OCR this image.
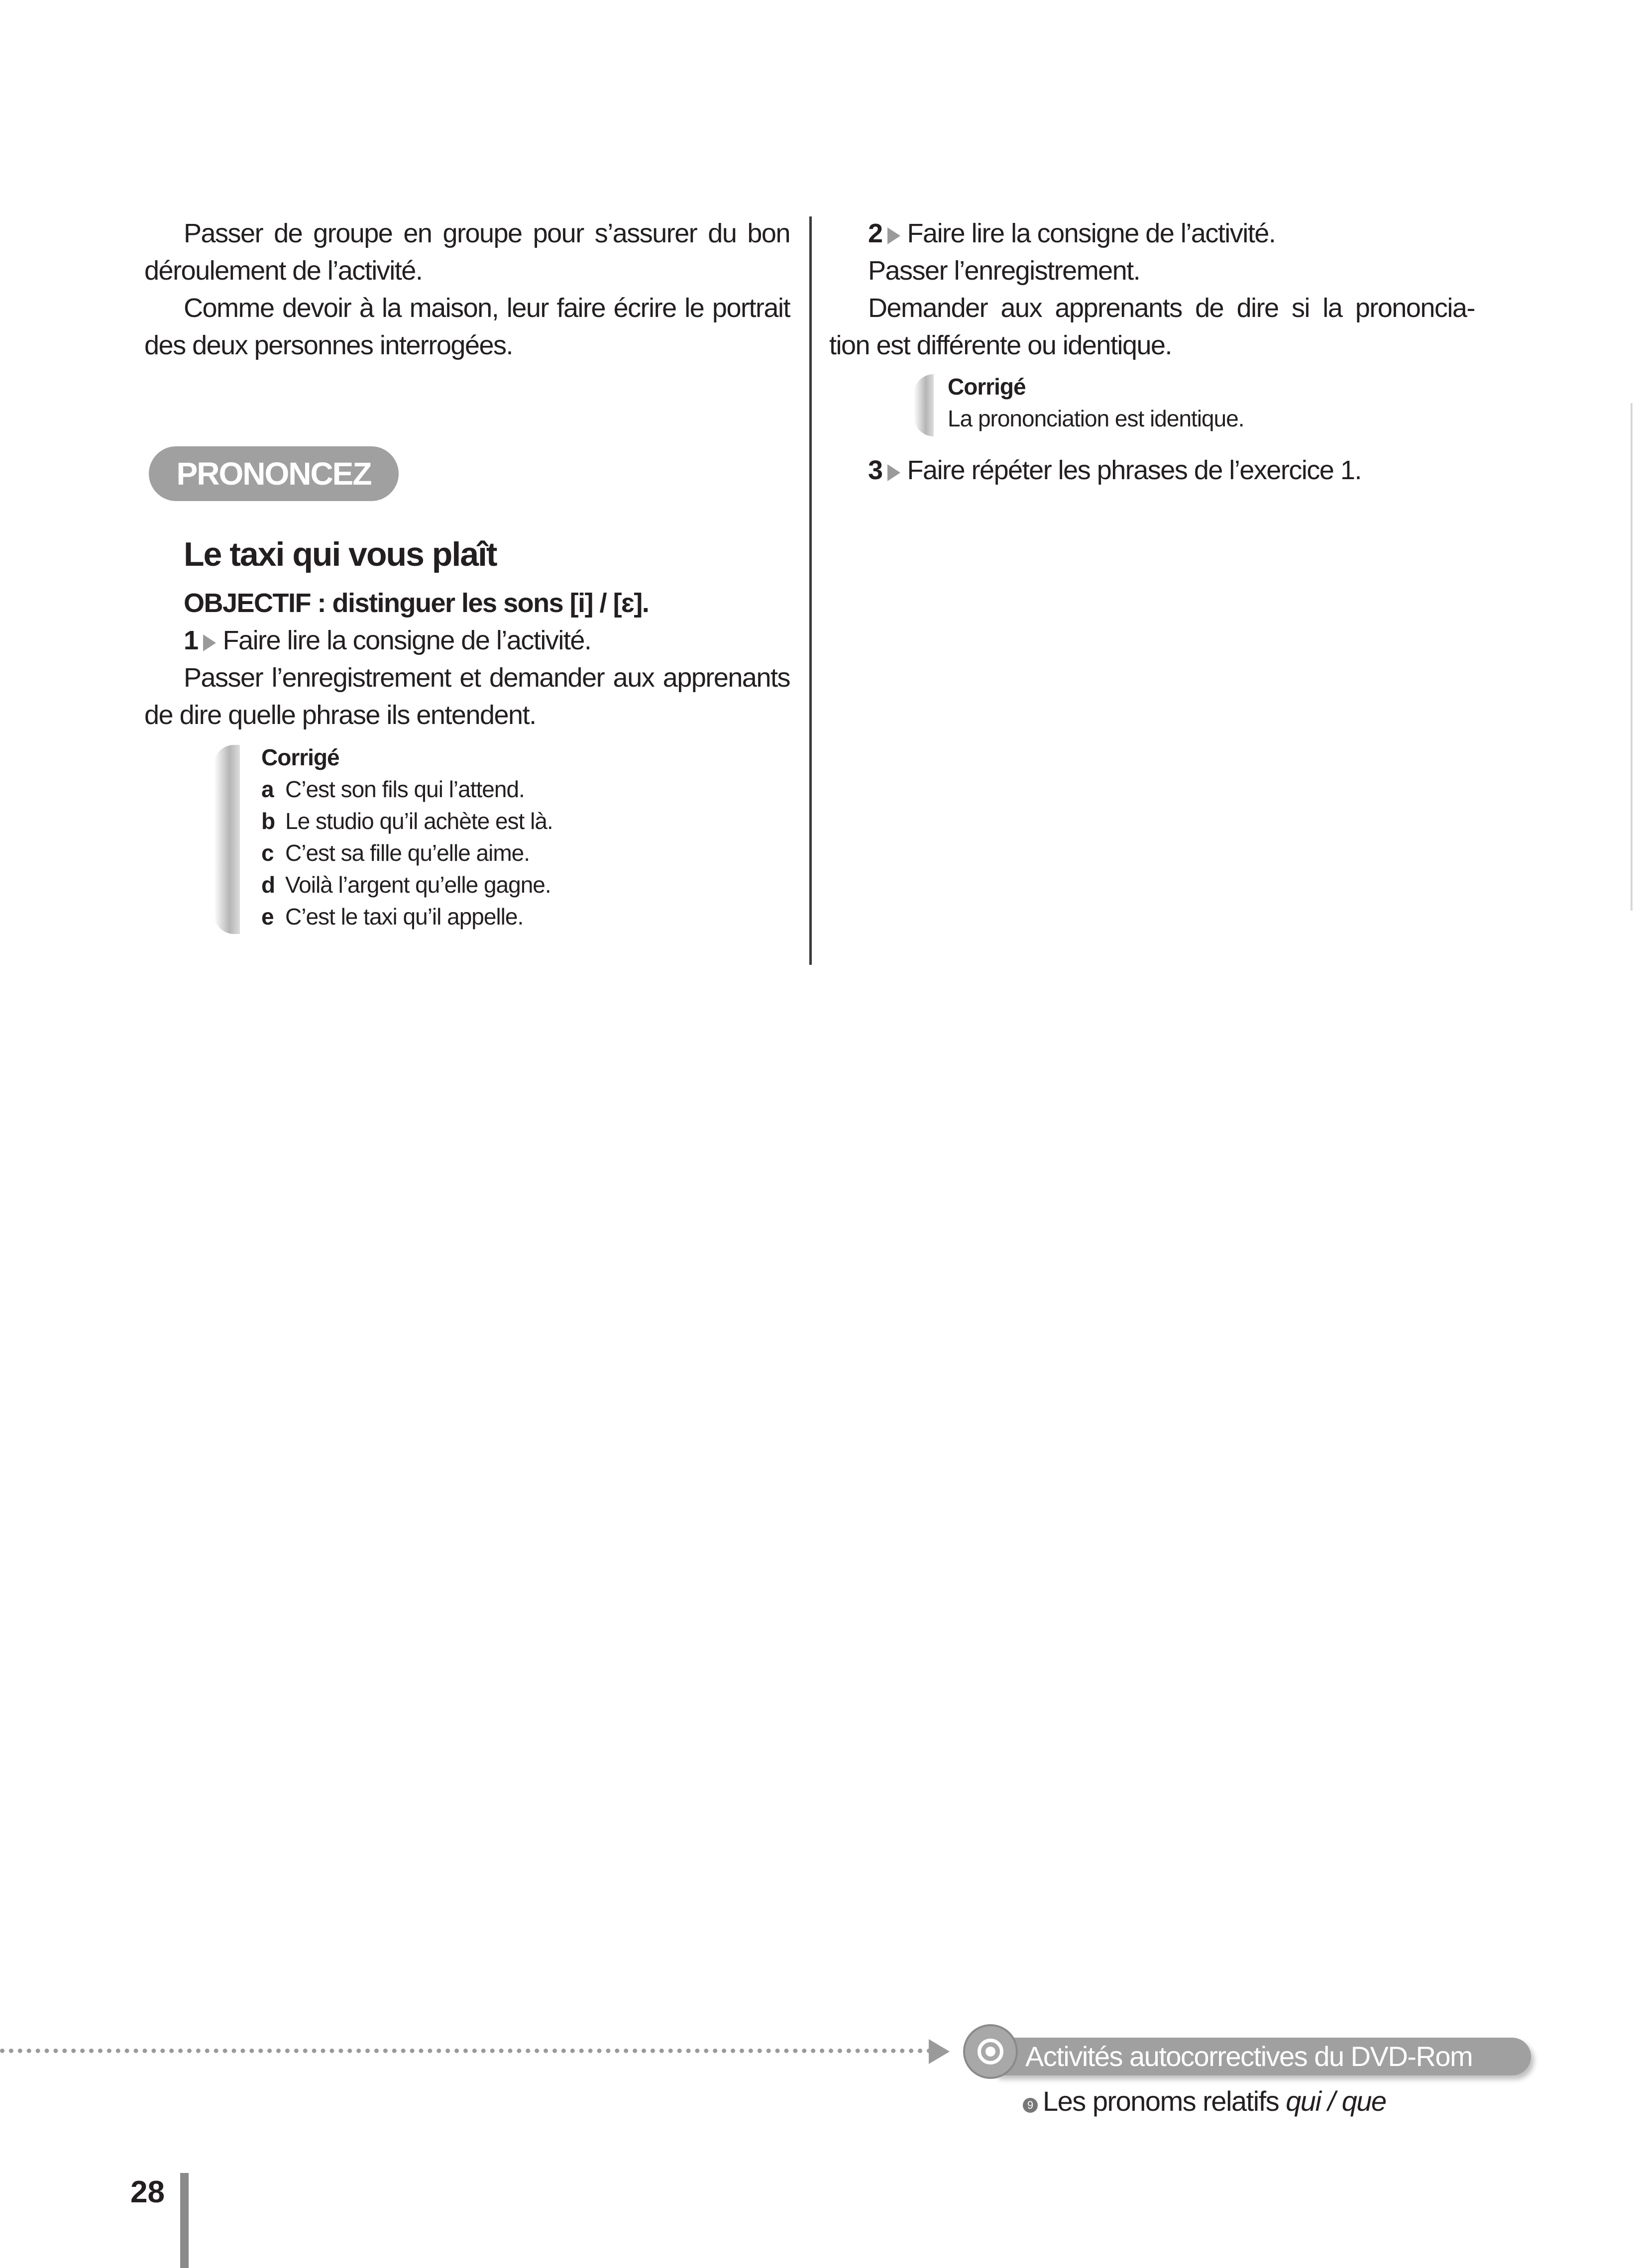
Passer de groupe en groupe pour s’assurer du bon
déroulement de l’activité.
Comme devoir à la maison, leur faire écrire le portrait
des deux personnes interrogées.
PRONONCEZ
Le taxi qui vous plaît
OBJECTIF : distinguer les sons [i] / [ɛ].
1 Faire lire la consigne de l’activité.
Passer l’enregistrement et demander aux apprenants
de dire quelle phrase ils entendent.
Corrigé
a C’est son fils qui l’attend.
b Le studio qu’il achète est là.
c C’est sa fille qu’elle aime.
d Voilà l’argent qu’elle gagne.
e C’est le taxi qu’il appelle.
2 Faire lire la consigne de l’activité.
Passer l’enregistrement.
Demander aux apprenants de dire si la prononcia-
tion est différente ou identique.
Corrigé
La prononciation est identique.
3 Faire répéter les phrases de l’exercice 1.
Activités autocorrectives du DVD-Rom
9 Les pronoms relatifs qui / que
28
